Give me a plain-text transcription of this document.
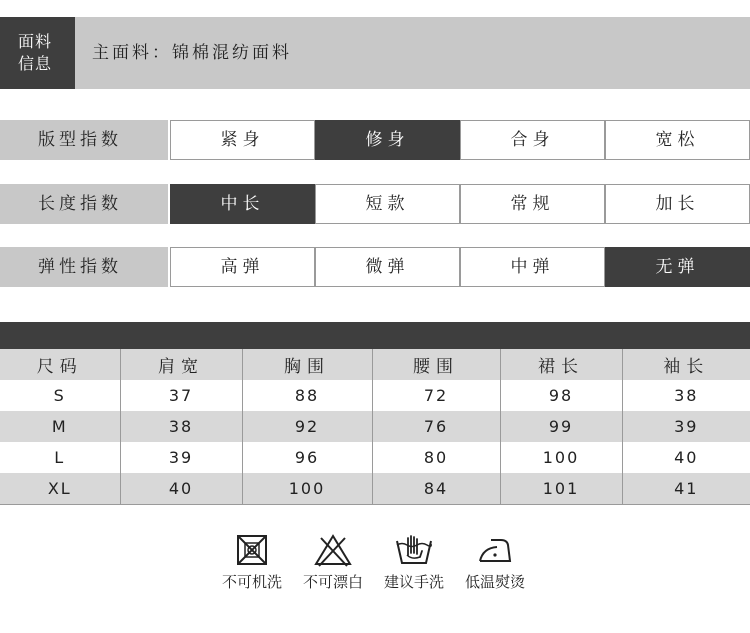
面料
信息
主面料：锦棉混纺面料
版型指数	紧身	修身	合身	宽松
长度指数	中长	短款	常规	加长
弹性指数	高弹	微弹	中弹	无弹
尺码	肩宽	胸围	腰围	裙长	袖长
S	37	88	72	98	38
M	38	92	76	99	39
L	39	96	80	100	40
XL	40	100	84	101	41
不可机洗	不可漂白	建议手洗	低温熨烫
